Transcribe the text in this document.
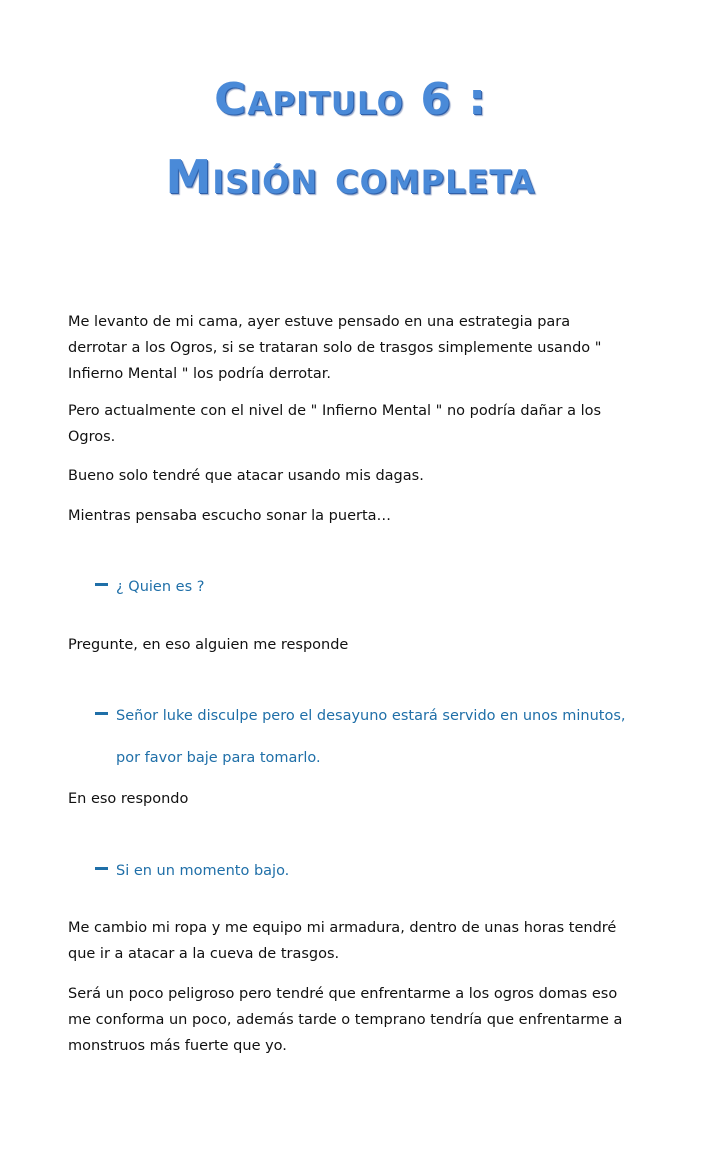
Capitulo 6 :
Misión completa

Me levanto de mi cama, ayer estuve pensado en una estrategia para derrotar a los Ogros, si se trataran solo de trasgos simplemente usando " Infierno Mental " los podría derrotar.

Pero actualmente con el nivel de " Infierno Mental " no podría dañar a los Ogros.

Bueno solo tendré que atacar usando mis dagas.

Mientras pensaba escucho sonar la puerta…

¿ Quien es ?

Pregunte, en eso alguien me responde

Señor luke disculpe pero el desayuno estará servido en unos minutos,
por favor baje para tomarlo.

En eso respondo

Si en un momento bajo.

Me cambio mi ropa y me equipo mi armadura, dentro de unas horas tendré que ir a atacar a la cueva de trasgos.

Será un poco peligroso pero tendré que enfrentarme a los ogros domas eso me conforma un poco, además tarde o temprano tendría que enfrentarme a monstruos más fuerte que yo.
